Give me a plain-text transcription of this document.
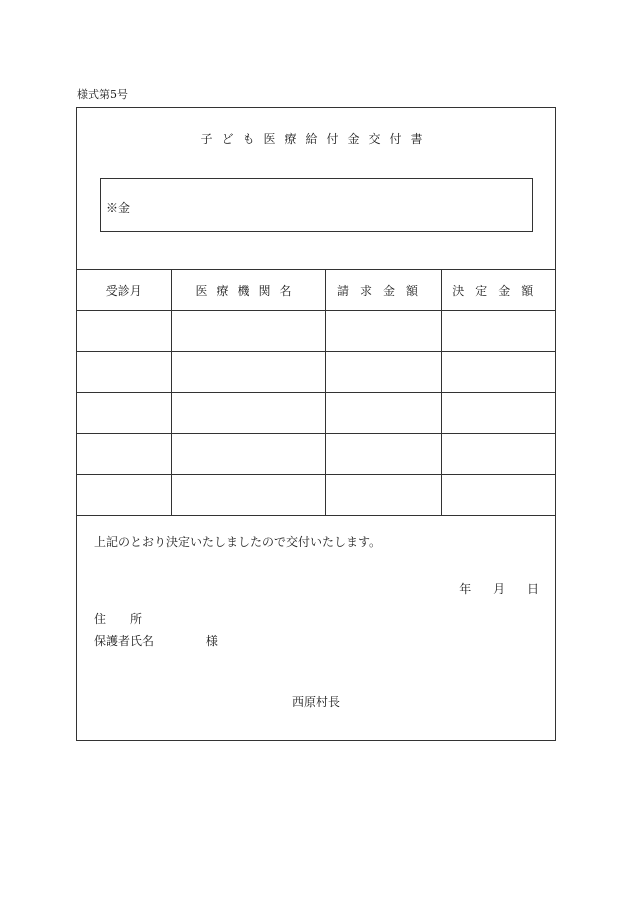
様式第5号
子ども医療給付金交付書
※金
受診月	医療機関名	請求金額	決定金額

上記のとおり決定いたしましたので交付いたします。
年 月 日
住　　所
保護者氏名	様
西原村長
